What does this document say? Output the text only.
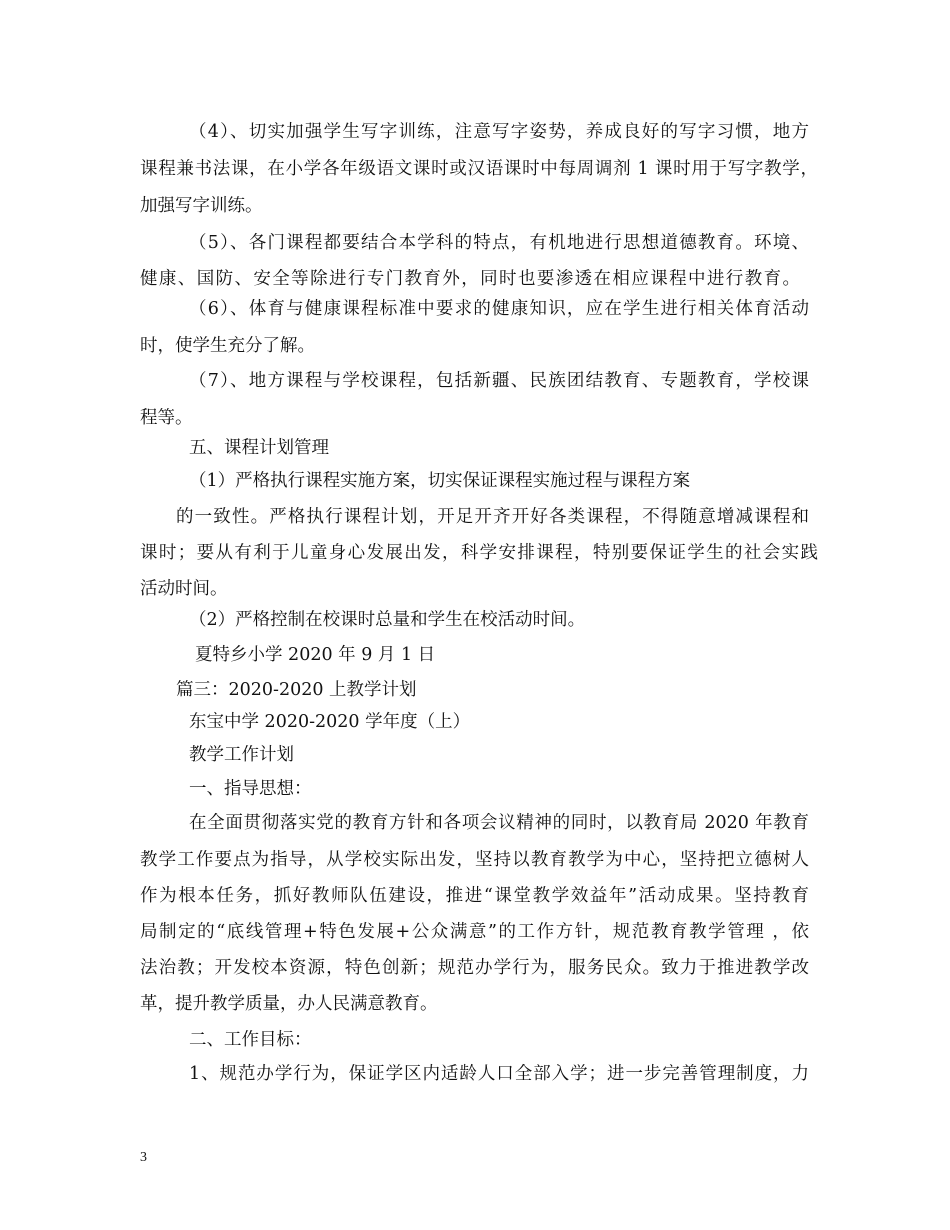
（4）、切实加强学生写字训练，注意写字姿势，养成良好的写字习惯，地方

课程兼书法课，在小学各年级语文课时或汉语课时中每周调剂 1 课时用于写字教学，

加强写字训练。

（5）、各门课程都要结合本学科的特点，有机地进行思想道德教育。环境、

健康、国防、安全等除进行专门教育外，同时也要渗透在相应课程中进行教育。

（6）、体育与健康课程标准中要求的健康知识，应在学生进行相关体育活动

时，使学生充分了解。

（7）、地方课程与学校课程，包括新疆、民族团结教育、专题教育，学校课

程等。

五、课程计划管理

（1）严格执行课程实施方案，切实保证课程实施过程与课程方案

的一致性。严格执行课程计划，开足开齐开好各类课程，不得随意增减课程和

课时；要从有利于儿童身心发展出发，科学安排课程，特别要保证学生的社会实践

活动时间。

（2）严格控制在校课时总量和学生在校活动时间。

夏特乡小学 2020 年 9 月 1 日

篇三：2020-2020 上教学计划

东宝中学 2020-2020 学年度（上）

教学工作计划

一、指导思想：

在全面贯彻落实党的教育方针和各项会议精神的同时，以教育局 2020 年教育

教学工作要点为指导，从学校实际出发，坚持以教育教学为中心，坚持把立德树人

作为根本任务，抓好教师队伍建设，推进“课堂教学效益年”活动成果。坚持教育

局制定的“底线管理+特色发展+公众满意”的工作方针，规范教育教学管理 ，依

法治教；开发校本资源，特色创新；规范办学行为，服务民众。致力于推进教学改

革，提升教学质量，办人民满意教育。

二、工作目标：

1、规范办学行为，保证学区内适龄人口全部入学；进一步完善管理制度，力

3
